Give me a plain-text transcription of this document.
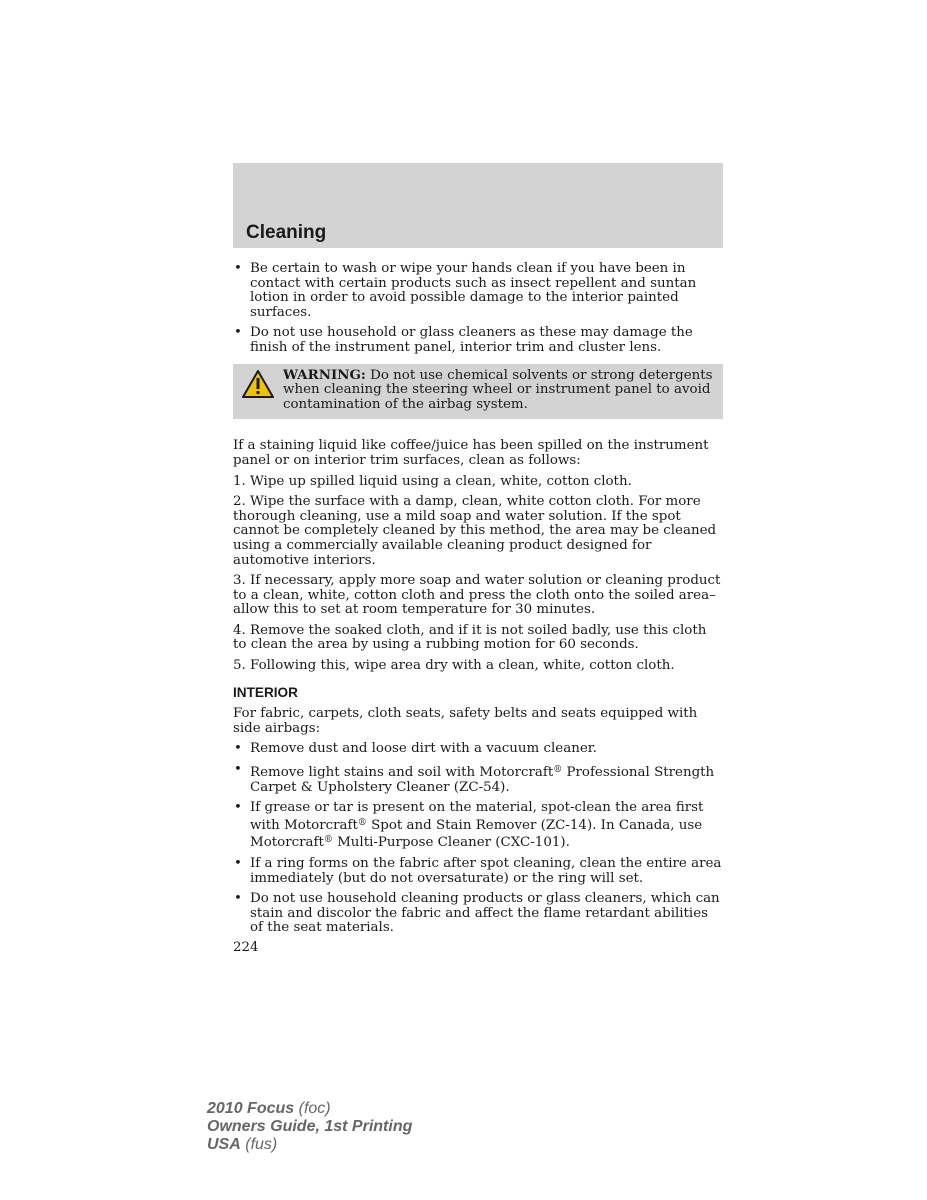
Cleaning
• Be certain to wash or wipe your hands clean if you have been in contact with certain products such as insect repellent and suntan lotion in order to avoid possible damage to the interior painted surfaces.
• Do not use household or glass cleaners as these may damage the finish of the instrument panel, interior trim and cluster lens.
WARNING: Do not use chemical solvents or strong detergents when cleaning the steering wheel or instrument panel to avoid contamination of the airbag system.

If a staining liquid like coffee/juice has been spilled on the instrument panel or on interior trim surfaces, clean as follows:

1. Wipe up spilled liquid using a clean, white, cotton cloth.

2. Wipe the surface with a damp, clean, white cotton cloth. For more thorough cleaning, use a mild soap and water solution. If the spot cannot be completely cleaned by this method, the area may be cleaned using a commercially available cleaning product designed for automotive interiors.

3. If necessary, apply more soap and water solution or cleaning product to a clean, white, cotton cloth and press the cloth onto the soiled area–allow this to set at room temperature for 30 minutes.

4. Remove the soaked cloth, and if it is not soiled badly, use this cloth to clean the area by using a rubbing motion for 60 seconds.

5. Following this, wipe area dry with a clean, white, cotton cloth.

INTERIOR

For fabric, carpets, cloth seats, safety belts and seats equipped with side airbags:

• Remove dust and loose dirt with a vacuum cleaner.
• Remove light stains and soil with Motorcraft® Professional Strength Carpet & Upholstery Cleaner (ZC-54).
• If grease or tar is present on the material, spot-clean the area first with Motorcraft® Spot and Stain Remover (ZC-14). In Canada, use Motorcraft® Multi-Purpose Cleaner (CXC-101).
• If a ring forms on the fabric after spot cleaning, clean the entire area immediately (but do not oversaturate) or the ring will set.
• Do not use household cleaning products or glass cleaners, which can stain and discolor the fabric and affect the flame retardant abilities of the seat materials.
224
2010 Focus (foc)
Owners Guide, 1st Printing
USA (fus)
